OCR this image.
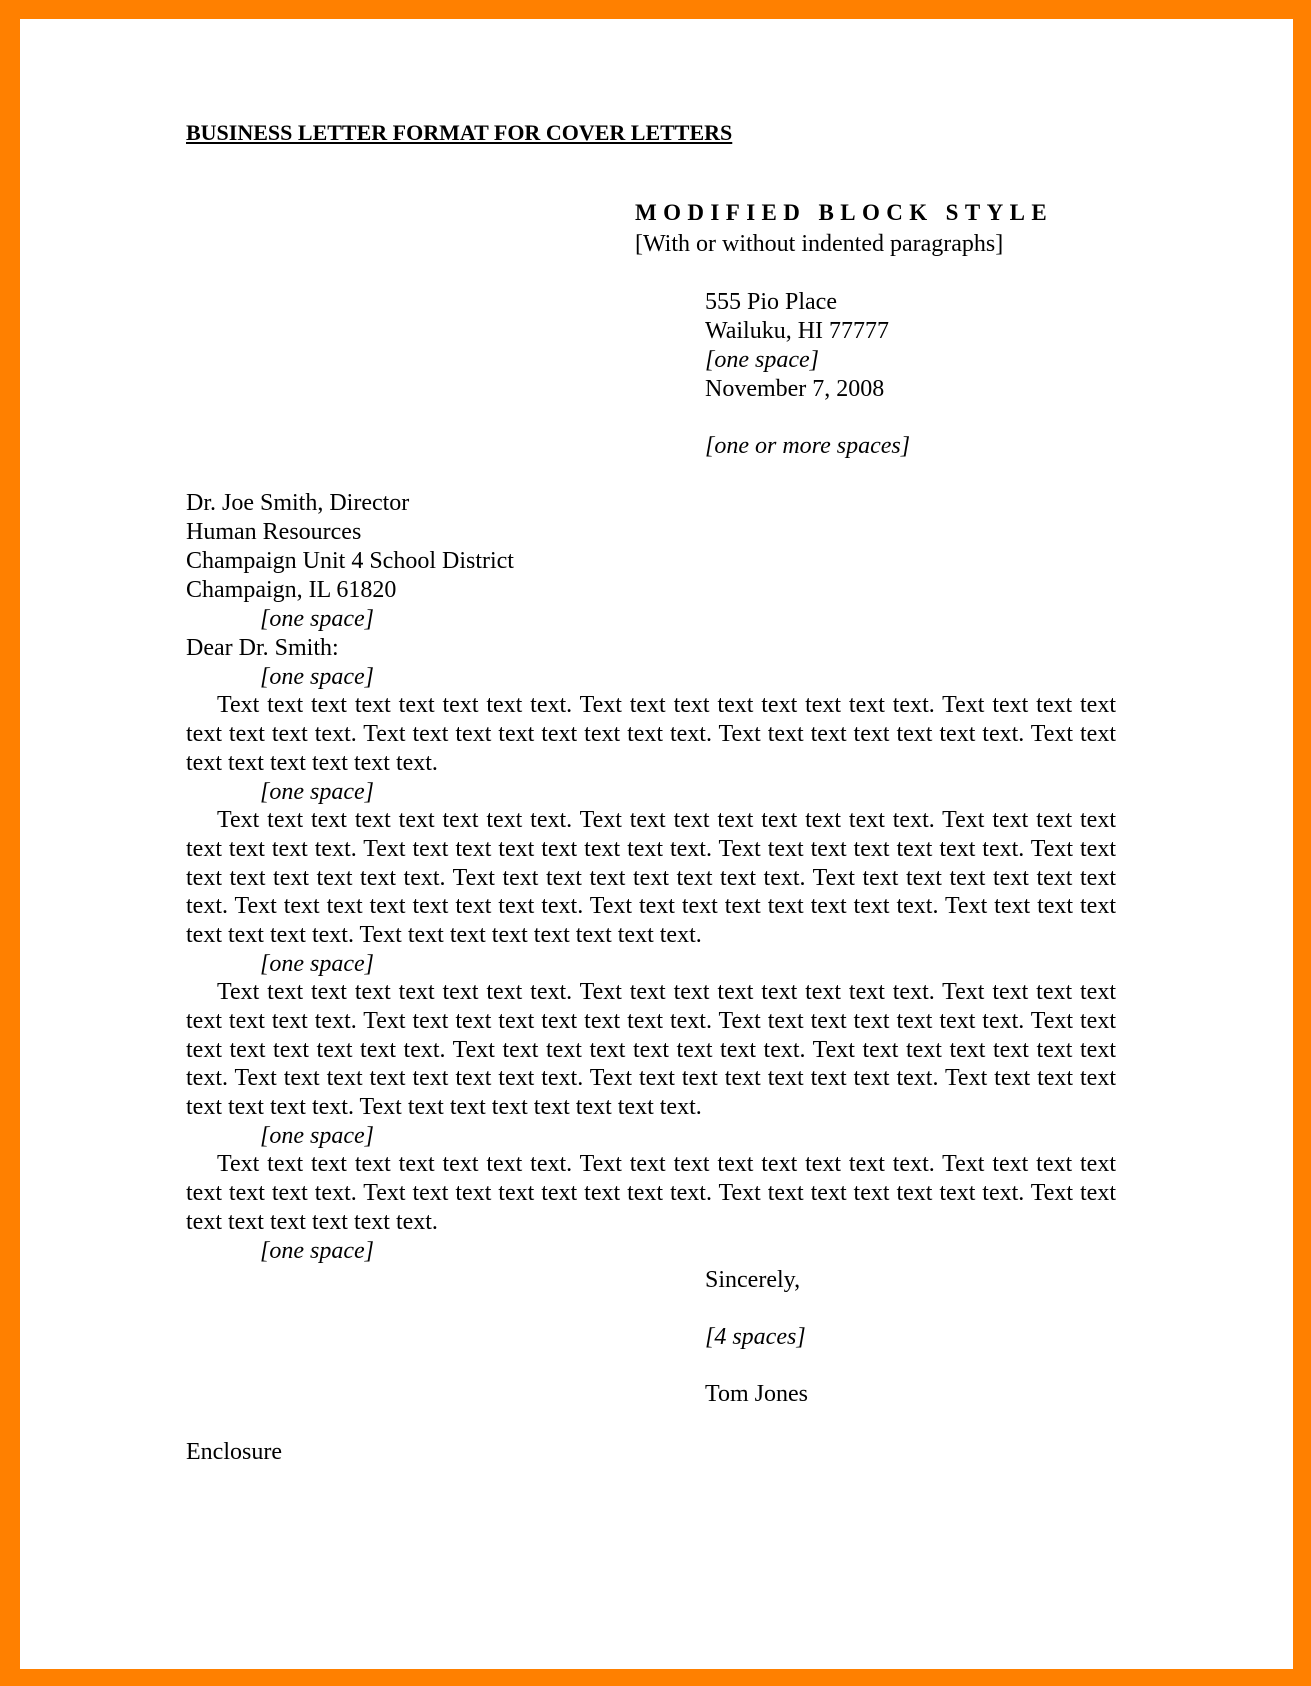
BUSINESS LETTER FORMAT FOR COVER LETTERS
MODIFIED BLOCK STYLE
[With or without indented paragraphs]
555 Pio Place
Wailuku, HI 77777
[one space]
November 7, 2008
[one or more spaces]
Dr. Joe Smith, Director
Human Resources
Champaign Unit 4 School District
Champaign, IL 61820
[one space]
Dear Dr. Smith:
[one space]
Text text text text text text text text. Text text text text text text text text. Text text text text text text text text. Text text text text text text text text. Text text text text text text text. Text text text text text text text text.
[one space]
Text text text text text text text text. Text text text text text text text text. Text text text text text text text text. Text text text text text text text text. Text text text text text text text. Text text text text text text text text. Text text text text text text text text. Text text text text text text text text. Text text text text text text text text. Text text text text text text text text. Text text text text text text text text. Text text text text text text text text.
[one space]
Text text text text text text text text. Text text text text text text text text. Text text text text text text text text. Text text text text text text text text. Text text text text text text text. Text text text text text text text text. Text text text text text text text text. Text text text text text text text text. Text text text text text text text text. Text text text text text text text text. Text text text text text text text text. Text text text text text text text text.
[one space]
Text text text text text text text text. Text text text text text text text text. Text text text text text text text text. Text text text text text text text text. Text text text text text text text. Text text text text text text text text.
[one space]
Sincerely,
[4 spaces]
Tom Jones
Enclosure
